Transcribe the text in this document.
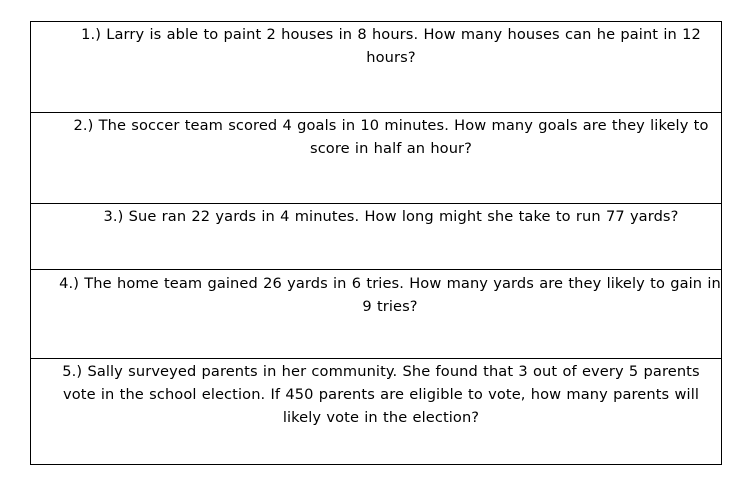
1.) Larry is able to paint 2 houses in 8 hours. How many houses can he paint in 12 hours?
2.) The soccer team scored 4 goals in 10 minutes. How many goals are they likely to score in half an hour?
3.) Sue ran 22 yards in 4 minutes. How long might she take to run 77 yards?
4.) The home team gained 26 yards in 6 tries. How many yards are they likely to gain in 9 tries?
5.) Sally surveyed parents in her community. She found that 3 out of every 5 parents vote in the school election. If 450 parents are eligible to vote, how many parents will likely vote in the election?
